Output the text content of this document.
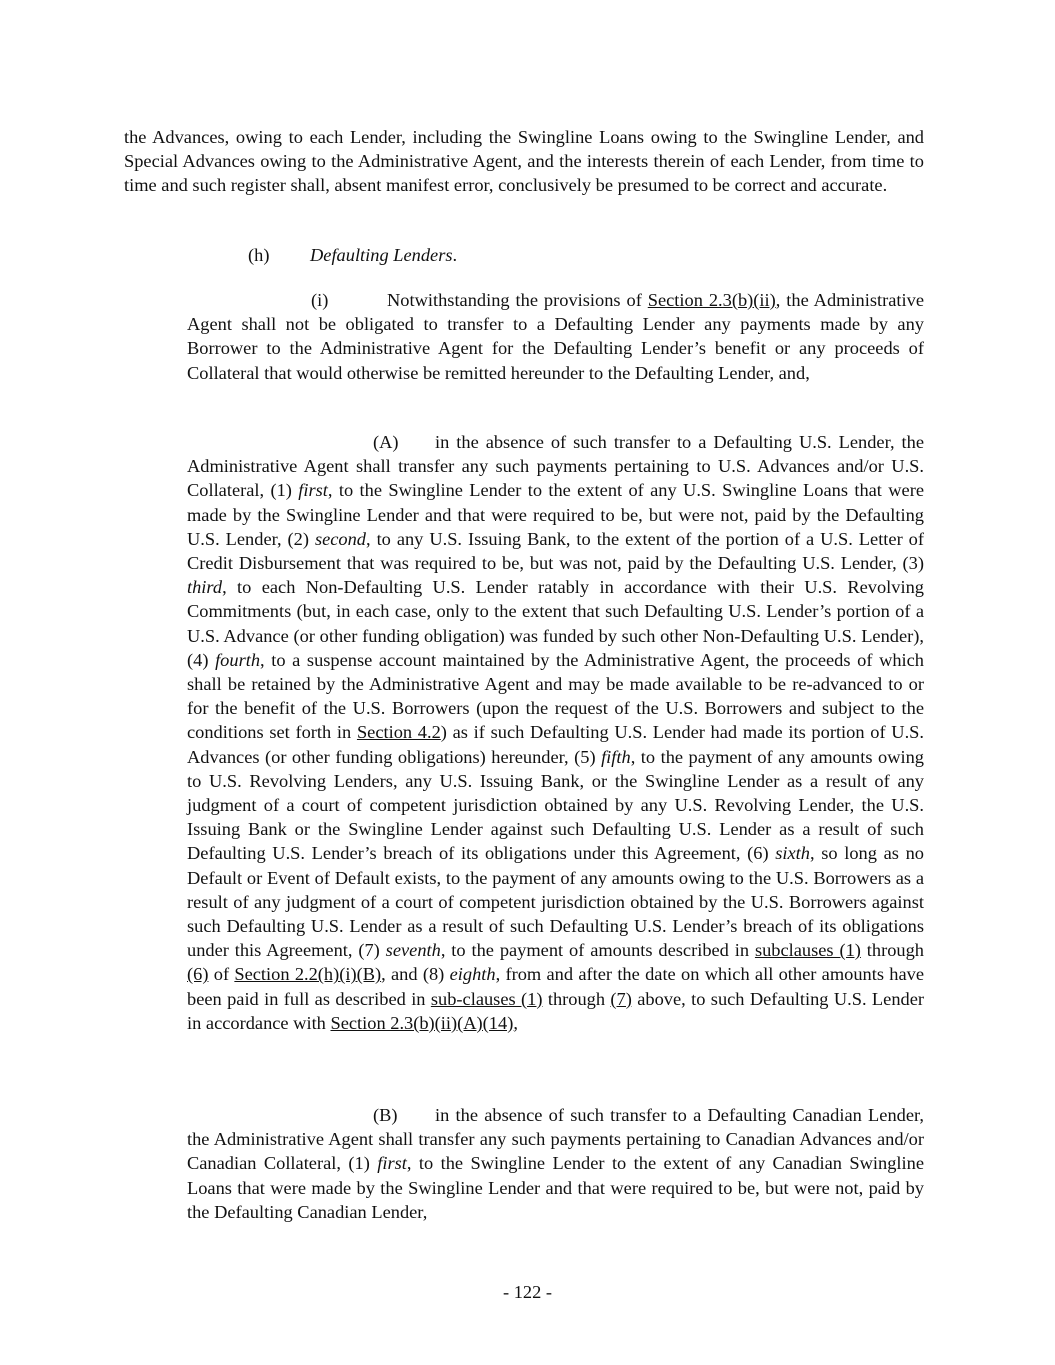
the Advances, owing to each Lender, including the Swingline Loans owing to the Swingline Lender, and Special Advances owing to the Administrative Agent, and the interests therein of each Lender, from time to time and such register shall, absent manifest error, conclusively be presumed to be correct and accurate.

(h) Defaulting Lenders.

(i)	Notwithstanding the provisions of Section 2.3(b)(ii), the Administrative Agent shall not be obligated to transfer to a Defaulting Lender any payments made by any Borrower to the Administrative Agent for the Defaulting Lender’s benefit or any proceeds of Collateral that would otherwise be remitted hereunder to the Defaulting Lender, and,

(A) in the absence of such transfer to a Defaulting U.S. Lender, the Administrative Agent shall transfer any such payments pertaining to U.S. Advances and/or U.S. Collateral, (1) first, to the Swingline Lender to the extent of any U.S. Swingline Loans that were made by the Swingline Lender and that were required to be, but were not, paid by the Defaulting U.S. Lender, (2) second, to any U.S. Issuing Bank, to the extent of the portion of a U.S. Letter of Credit Disbursement that was required to be, but was not, paid by the Defaulting U.S. Lender, (3) third, to each Non-Defaulting U.S. Lender ratably in accordance with their U.S. Revolving Commitments (but, in each case, only to the extent that such Defaulting U.S. Lender’s portion of a U.S. Advance (or other funding obligation) was funded by such other Non-Defaulting U.S. Lender), (4) fourth, to a suspense account maintained by the Administrative Agent, the proceeds of which shall be retained by the Administrative Agent and may be made available to be re-advanced to or for the benefit of the U.S. Borrowers (upon the request of the U.S. Borrowers and subject to the conditions set forth in Section 4.2) as if such Defaulting U.S. Lender had made its portion of U.S. Advances (or other funding obligations) hereunder, (5) fifth, to the payment of any amounts owing to U.S. Revolving Lenders, any U.S. Issuing Bank, or the Swingline Lender as a result of any judgment of a court of competent jurisdiction obtained by any U.S. Revolving Lender, the U.S. Issuing Bank or the Swingline Lender against such Defaulting U.S. Lender as a result of such Defaulting U.S. Lender’s breach of its obligations under this Agreement, (6) sixth, so long as no Default or Event of Default exists, to the payment of any amounts owing to the U.S. Borrowers as a result of any judgment of a court of competent jurisdiction obtained by the U.S. Borrowers against such Defaulting U.S. Lender as a result of such Defaulting U.S. Lender’s breach of its obligations under this Agreement, (7) seventh, to the payment of amounts described in subclauses (1) through (6) of Section 2.2(h)(i)(B), and (8) eighth, from and after the date on which all other amounts have been paid in full as described in sub-clauses (1) through (7) above, to such Defaulting U.S. Lender in accordance with Section 2.3(b)(ii)(A)(14),

(B) in the absence of such transfer to a Defaulting Canadian Lender, the Administrative Agent shall transfer any such payments pertaining to Canadian Advances and/or Canadian Collateral, (1) first, to the Swingline Lender to the extent of any Canadian Swingline Loans that were made by the Swingline Lender and that were required to be, but were not, paid by the Defaulting Canadian Lender,

- 122 -
